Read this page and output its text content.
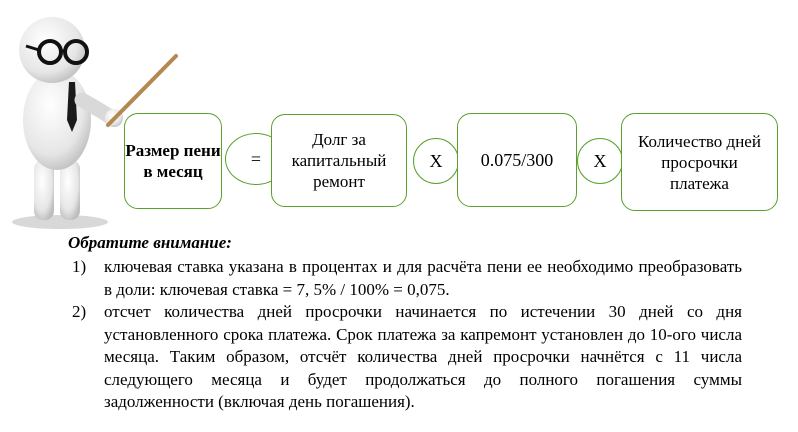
Размер пени в месяц
=
Долг за капитальный ремонт
Х 0.075/300 Х
Количество дней просрочки платежа
Обратите внимание:
1) ключевая ставка указана в процентах и для расчёта пени ее необходимо преобразовать в доли: ключевая ставка = 7, 5% / 100% = 0,075.
2) отсчет количества дней просрочки начинается по истечении 30 дней со дня установленного срока платежа. Срок платежа за капремонт установлен до 10-ого числа месяца. Таким образом, отсчёт количества дней просрочки начнётся с 11 числа следующего месяца и будет продолжаться до полного погашения суммы задолженности (включая день погашения).
